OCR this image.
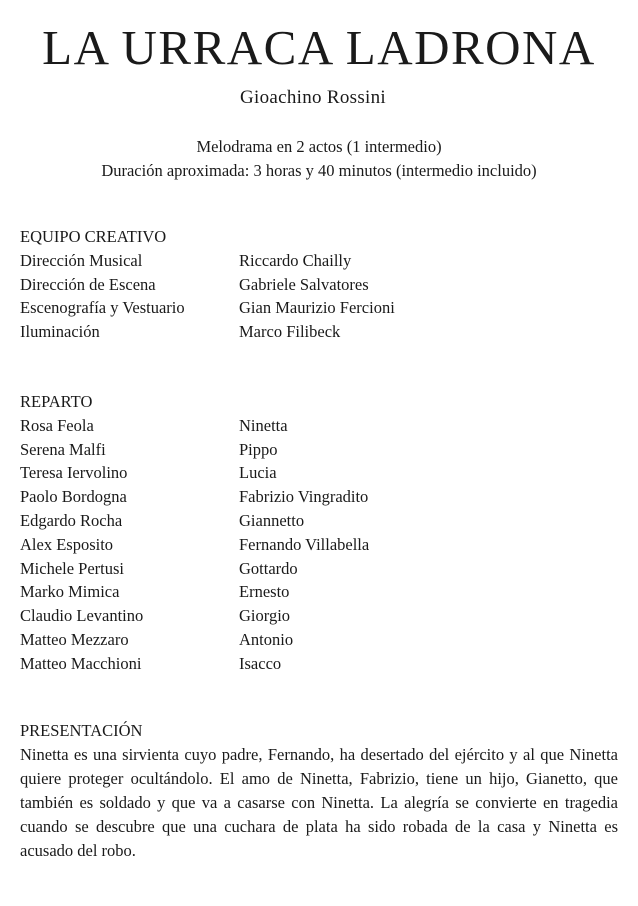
LA URRACA LADRONA
Gioachino Rossini
Melodrama en 2 actos (1 intermedio)
Duración aproximada: 3 horas y 40 minutos (intermedio incluido)
EQUIPO CREATIVO
Dirección Musical	Riccardo Chailly
Dirección de Escena	Gabriele Salvatores
Escenografía y Vestuario	Gian Maurizio Fercioni
Iluminación	Marco Filibeck
REPARTO
Rosa Feola	Ninetta
Serena Malfi	Pippo
Teresa Iervolino	Lucia
Paolo Bordogna	Fabrizio Vingradito
Edgardo Rocha	Giannetto
Alex Esposito	Fernando Villabella
Michele Pertusi	Gottardo
Marko Mimica	Ernesto
Claudio Levantino	Giorgio
Matteo Mezzaro	Antonio
Matteo Macchioni	Isacco
PRESENTACIÓN

Ninetta es una sirvienta cuyo padre, Fernando, ha desertado del ejército y al que Ninetta quiere proteger ocultándolo. El amo de Ninetta, Fabrizio, tiene un hijo, Gianetto, que también es soldado y que va a casarse con Ninetta. La alegría se convierte en tragedia cuando se descubre que una cuchara de plata ha sido robada de la casa y Ninetta es acusado del robo.
